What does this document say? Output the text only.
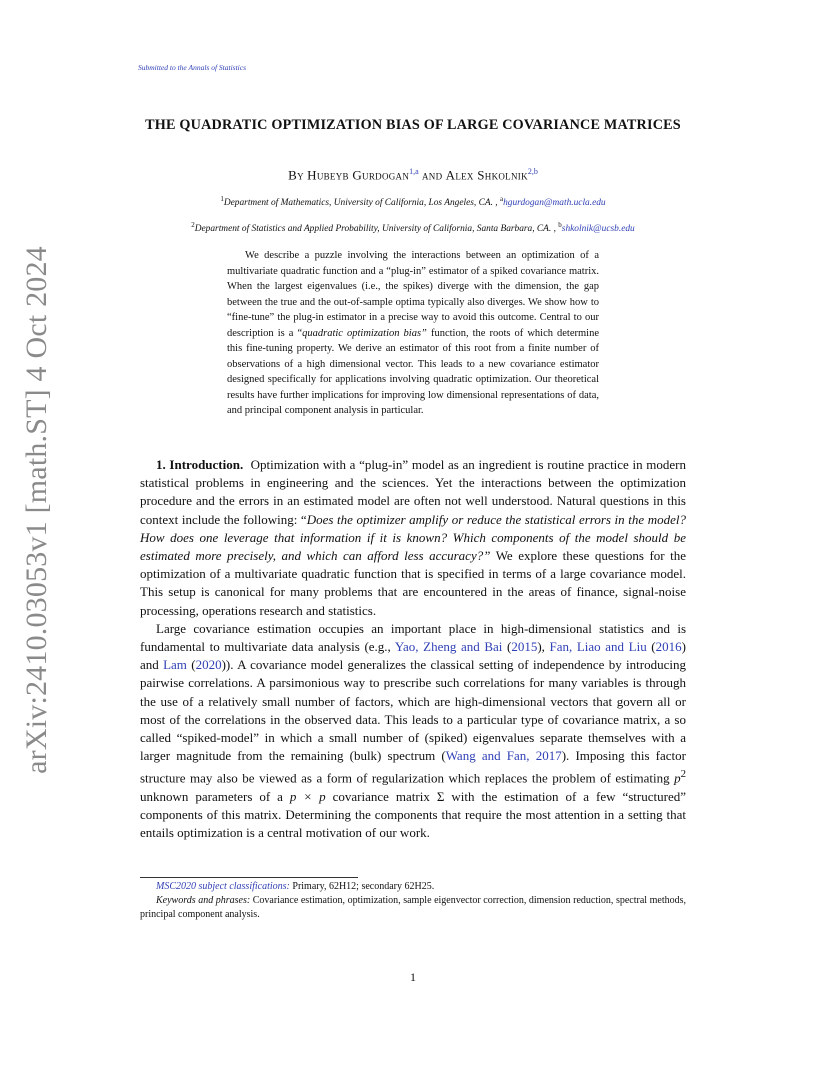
Submitted to the Annals of Statistics
arXiv:2410.03053v1 [math.ST] 4 Oct 2024
THE QUADRATIC OPTIMIZATION BIAS OF LARGE COVARIANCE MATRICES
By Hubeyb Gurdogan$^{1,a}$ and Alex Shkolnik$^{2,b}$
$^1$Department of Mathematics, University of California, Los Angeles, CA. , $^a$hgurdogan@math.ucla.edu
$^2$Department of Statistics and Applied Probability, University of California, Santa Barbara, CA. , $^b$shkolnik@ucsb.edu

We describe a puzzle involving the interactions between an optimization of a multivariate quadratic function and a “plug-in” estimator of a spiked covariance matrix. When the largest eigenvalues (i.e., the spikes) diverge with the dimension, the gap between the true and the out-of-sample optima typically also diverges. We show how to “fine-tune” the plug-in estimator in a precise way to avoid this outcome. Central to our description is a “quadratic optimization bias” function, the roots of which determine this fine-tuning property. We derive an estimator of this root from a finite number of observations of a high dimensional vector. This leads to a new covariance estimator designed specifically for applications involving quadratic optimization. Our theoretical results have further implications for improving low dimensional representations of data, and principal component analysis in particular.

1. Introduction. Optimization with a “plug-in” model as an ingredient is routine practice in modern statistical problems in engineering and the sciences. Yet the interactions between the optimization procedure and the errors in an estimated model are often not well understood. Natural questions in this context include the following: “Does the optimizer amplify or reduce the statistical errors in the model? How does one leverage that information if it is known? Which components of the model should be estimated more precisely, and which can afford less accuracy?” We explore these questions for the optimization of a multivariate quadratic function that is specified in terms of a large covariance model. This setup is canonical for many problems that are encountered in the areas of finance, signal-noise processing, operations research and statistics.

Large covariance estimation occupies an important place in high-dimensional statistics and is fundamental to multivariate data analysis (e.g., Yao, Zheng and Bai (2015), Fan, Liao and Liu (2016) and Lam (2020)). A covariance model generalizes the classical setting of independence by introducing pairwise correlations. A parsimonious way to prescribe such correlations for many variables is through the use of a relatively small number of factors, which are high-dimensional vectors that govern all or most of the correlations in the observed data. This leads to a particular type of covariance matrix, a so called “spiked-model” in which a small number of (spiked) eigenvalues separate themselves with a larger magnitude from the remaining (bulk) spectrum (Wang and Fan, 2017). Imposing this factor structure may also be viewed as a form of regularization which replaces the problem of estimating $p^2$ unknown parameters of a p × p covariance matrix Σ with the estimation of a few “structured” components of this matrix. Determining the components that require the most attention in a setting that entails optimization is a central motivation of our work.

MSC2020 subject classifications: Primary, 62H12; secondary 62H25.

Keywords and phrases: Covariance estimation, optimization, sample eigenvector correction, dimension reduction, spectral methods, principal component analysis.

1
